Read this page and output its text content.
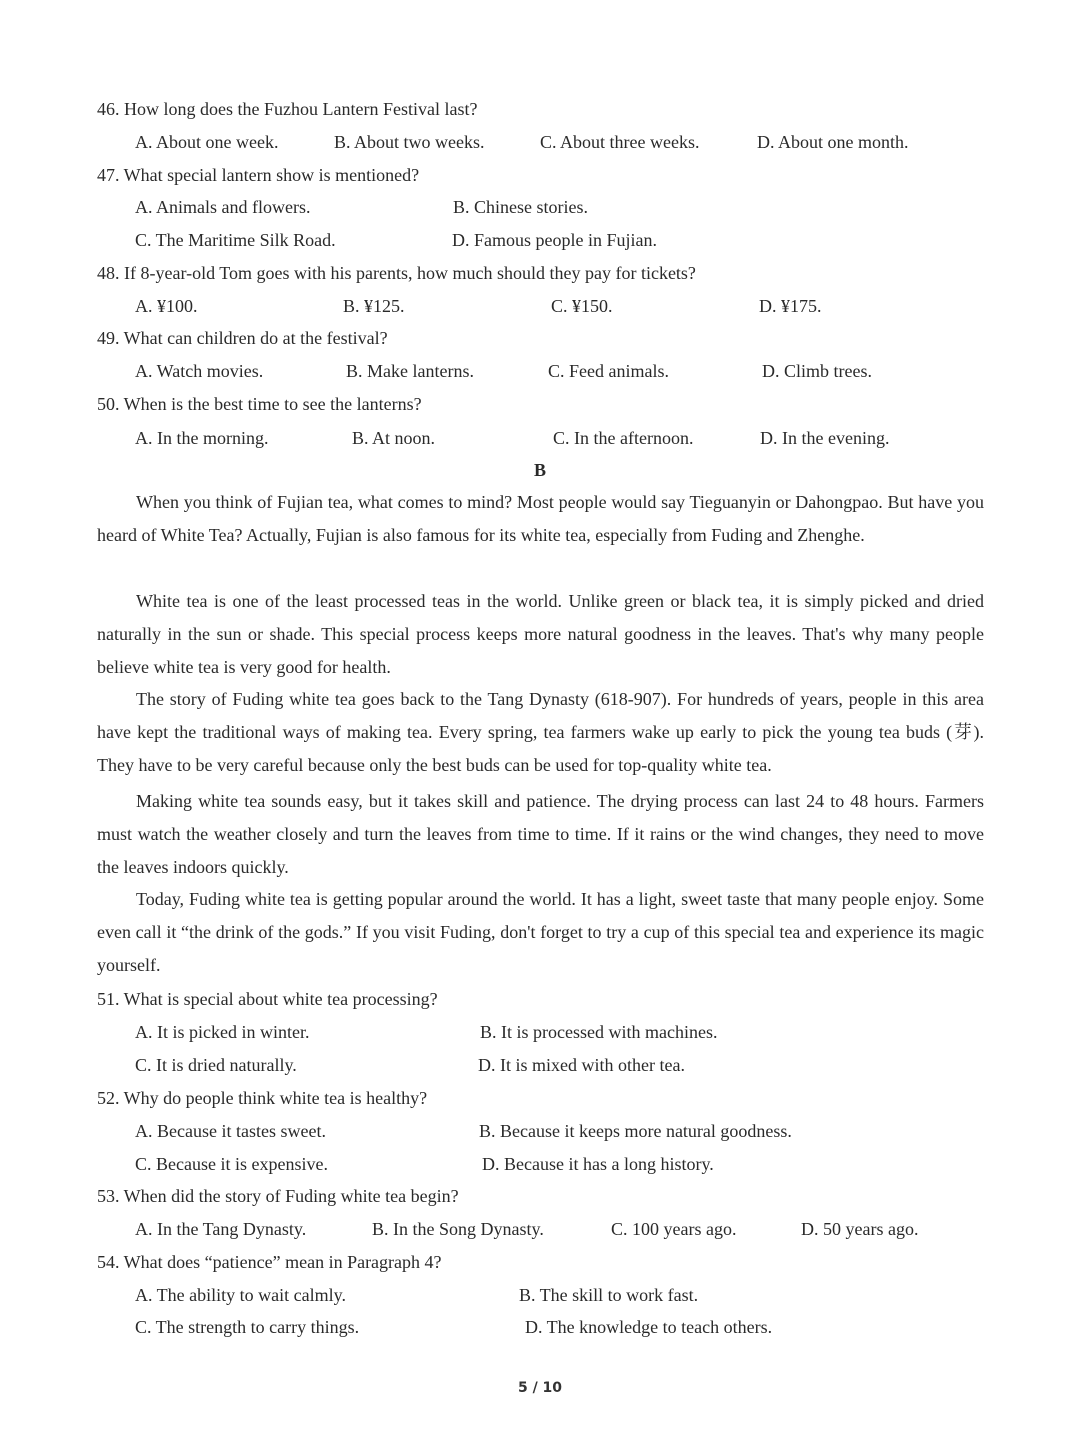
46. How long does the Fuzhou Lantern Festival last?
A. About one week.	B. About two weeks.	C. About three weeks.	D. About one month.
47. What special lantern show is mentioned?
A. Animals and flowers.	B. Chinese stories.
C. The Maritime Silk Road.	D. Famous people in Fujian.
48. If 8-year-old Tom goes with his parents, how much should they pay for tickets?
A. ¥100.	B. ¥125.	C. ¥150.	D. ¥175.
49. What can children do at the festival?
A. Watch movies.	B. Make lanterns.	C. Feed animals.	D. Climb trees.
50. When is the best time to see the lanterns?
A. In the morning.	B. At noon.	C. In the afternoon.	D. In the evening.
B
When you think of Fujian tea, what comes to mind? Most people would say Tieguanyin or Dahongpao. But have you heard of White Tea? Actually, Fujian is also famous for its white tea, especially from Fuding and Zhenghe.
White tea is one of the least processed teas in the world. Unlike green or black tea, it is simply picked and dried naturally in the sun or shade. This special process keeps more natural goodness in the leaves. That's why many people believe white tea is very good for health.
The story of Fuding white tea goes back to the Tang Dynasty (618-907). For hundreds of years, people in this area have kept the traditional ways of making tea. Every spring, tea farmers wake up early to pick the young tea buds (芽). They have to be very careful because only the best buds can be used for top-quality white tea.
Making white tea sounds easy, but it takes skill and patience. The drying process can last 24 to 48 hours. Farmers must watch the weather closely and turn the leaves from time to time. If it rains or the wind changes, they need to move the leaves indoors quickly.
Today, Fuding white tea is getting popular around the world. It has a light, sweet taste that many people enjoy. Some even call it “the drink of the gods.” If you visit Fuding, don't forget to try a cup of this special tea and experience its magic yourself.
51. What is special about white tea processing?
A. It is picked in winter.	B. It is processed with machines.
C. It is dried naturally.	D. It is mixed with other tea.
52. Why do people think white tea is healthy?
A. Because it tastes sweet.	B. Because it keeps more natural goodness.
C. Because it is expensive.	D. Because it has a long history.
53. When did the story of Fuding white tea begin?
A. In the Tang Dynasty.	B. In the Song Dynasty.	C. 100 years ago.	D. 50 years ago.
54. What does “patience” mean in Paragraph 4?
A. The ability to wait calmly.	B. The skill to work fast.
C. The strength to carry things.	D. The knowledge to teach others.
5 / 10
